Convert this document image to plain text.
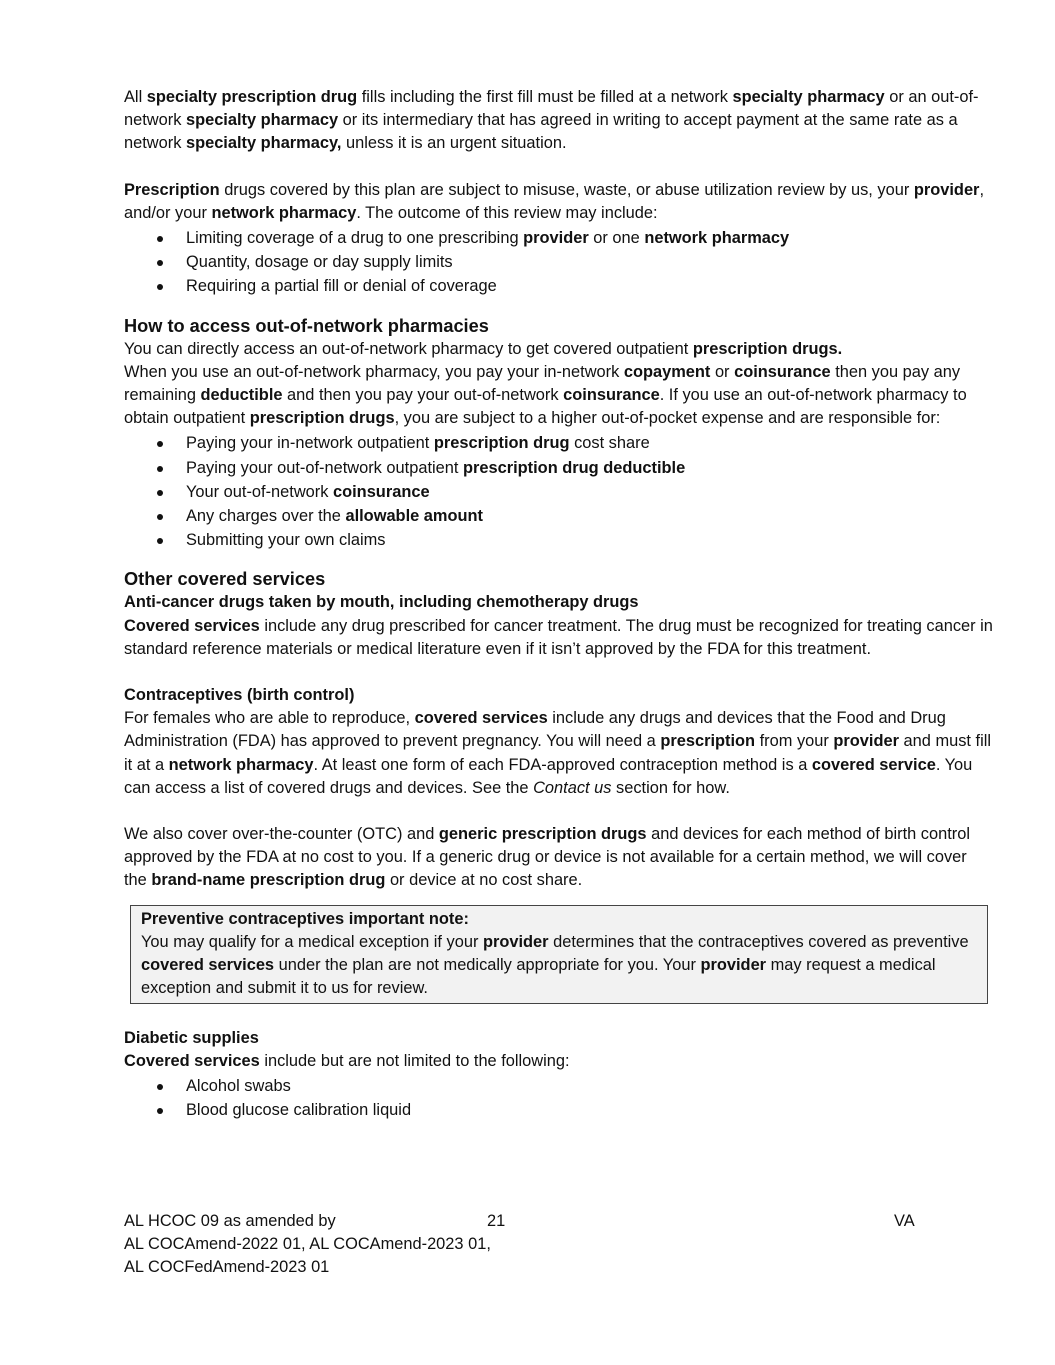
All specialty prescription drug fills including the first fill must be filled at a network specialty pharmacy or an out-of-network specialty pharmacy or its intermediary that has agreed in writing to accept payment at the same rate as a network specialty pharmacy, unless it is an urgent situation.

Prescription drugs covered by this plan are subject to misuse, waste, or abuse utilization review by us, your provider, and/or your network pharmacy. The outcome of this review may include:

Limiting coverage of a drug to one prescribing provider or one network pharmacy
Quantity, dosage or day supply limits
Requiring a partial fill or denial of coverage
How to access out-of-network pharmacies

You can directly access an out-of-network pharmacy to get covered outpatient prescription drugs.

When you use an out-of-network pharmacy, you pay your in-network copayment or coinsurance then you pay any remaining deductible and then you pay your out-of-network coinsurance. If you use an out-of-network pharmacy to obtain outpatient prescription drugs, you are subject to a higher out-of-pocket expense and are responsible for:

Paying your in-network outpatient prescription drug cost share
Paying your out-of-network outpatient prescription drug deductible
Your out-of-network coinsurance
Any charges over the allowable amount
Submitting your own claims
Other covered services
Anti-cancer drugs taken by mouth, including chemotherapy drugs

Covered services include any drug prescribed for cancer treatment. The drug must be recognized for treating cancer in standard reference materials or medical literature even if it isn’t approved by the FDA for this treatment.

Contraceptives (birth control)

For females who are able to reproduce, covered services include any drugs and devices that the Food and Drug Administration (FDA) has approved to prevent pregnancy. You will need a prescription from your provider and must fill it at a network pharmacy. At least one form of each FDA-approved contraception method is a covered service. You can access a list of covered drugs and devices. See the Contact us section for how.

We also cover over-the-counter (OTC) and generic prescription drugs and devices for each method of birth control approved by the FDA at no cost to you. If a generic drug or device is not available for a certain method, we will cover the brand-name prescription drug or device at no cost share.

Preventive contraceptives important note:

You may qualify for a medical exception if your provider determines that the contraceptives covered as preventive covered services under the plan are not medically appropriate for you. Your provider may request a medical exception and submit it to us for review.

Diabetic supplies

Covered services include but are not limited to the following:

Alcohol swabs
Blood glucose calibration liquid
AL HCOC 09 as amended by
AL COCAmend-2022 01, AL COCAmend-2023 01,
AL COCFedAmend-2023 01
21	VA
